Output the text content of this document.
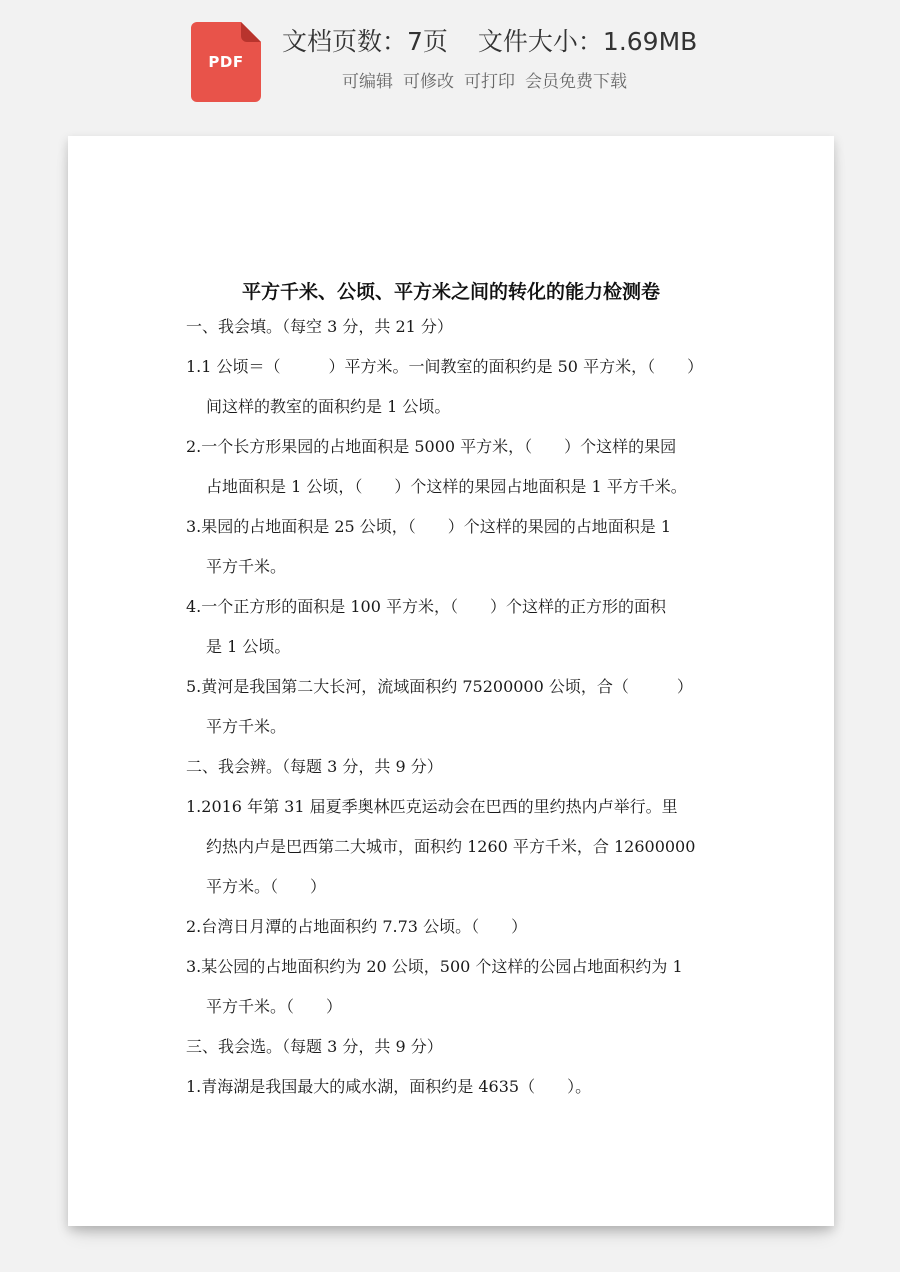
PDF
文档页数：7页 文件大小：1.69MB
可编辑 可修改 可打印 会员免费下载
平方千米、公顷、平方米之间的转化的能力检测卷
一、我会填。（每空 3 分，共 21 分）
1.1 公顷＝（　　　）平方米。一间教室的面积约是 50 平方米，（　　）
间这样的教室的面积约是 1 公顷。
2.一个长方形果园的占地面积是 5000 平方米，（　　）个这样的果园
占地面积是 1 公顷，（　　）个这样的果园占地面积是 1 平方千米。
3.果园的占地面积是 25 公顷，（　　）个这样的果园的占地面积是 1
平方千米。
4.一个正方形的面积是 100 平方米，（　　）个这样的正方形的面积
是 1 公顷。
5.黄河是我国第二大长河，流域面积约 75200000 公顷，合（　　　）
平方千米。
二、我会辨。（每题 3 分，共 9 分）
1.2016 年第 31 届夏季奥林匹克运动会在巴西的里约热内卢举行。里
约热内卢是巴西第二大城市，面积约 1260 平方千米，合 12600000
平方米。（　　）
2.台湾日月潭的占地面积约 7.73 公顷。（　　）
3.某公园的占地面积约为 20 公顷，500 个这样的公园占地面积约为 1
平方千米。（　　）
三、我会选。（每题 3 分，共 9 分）
1.青海湖是我国最大的咸水湖，面积约是 4635（　　）。
